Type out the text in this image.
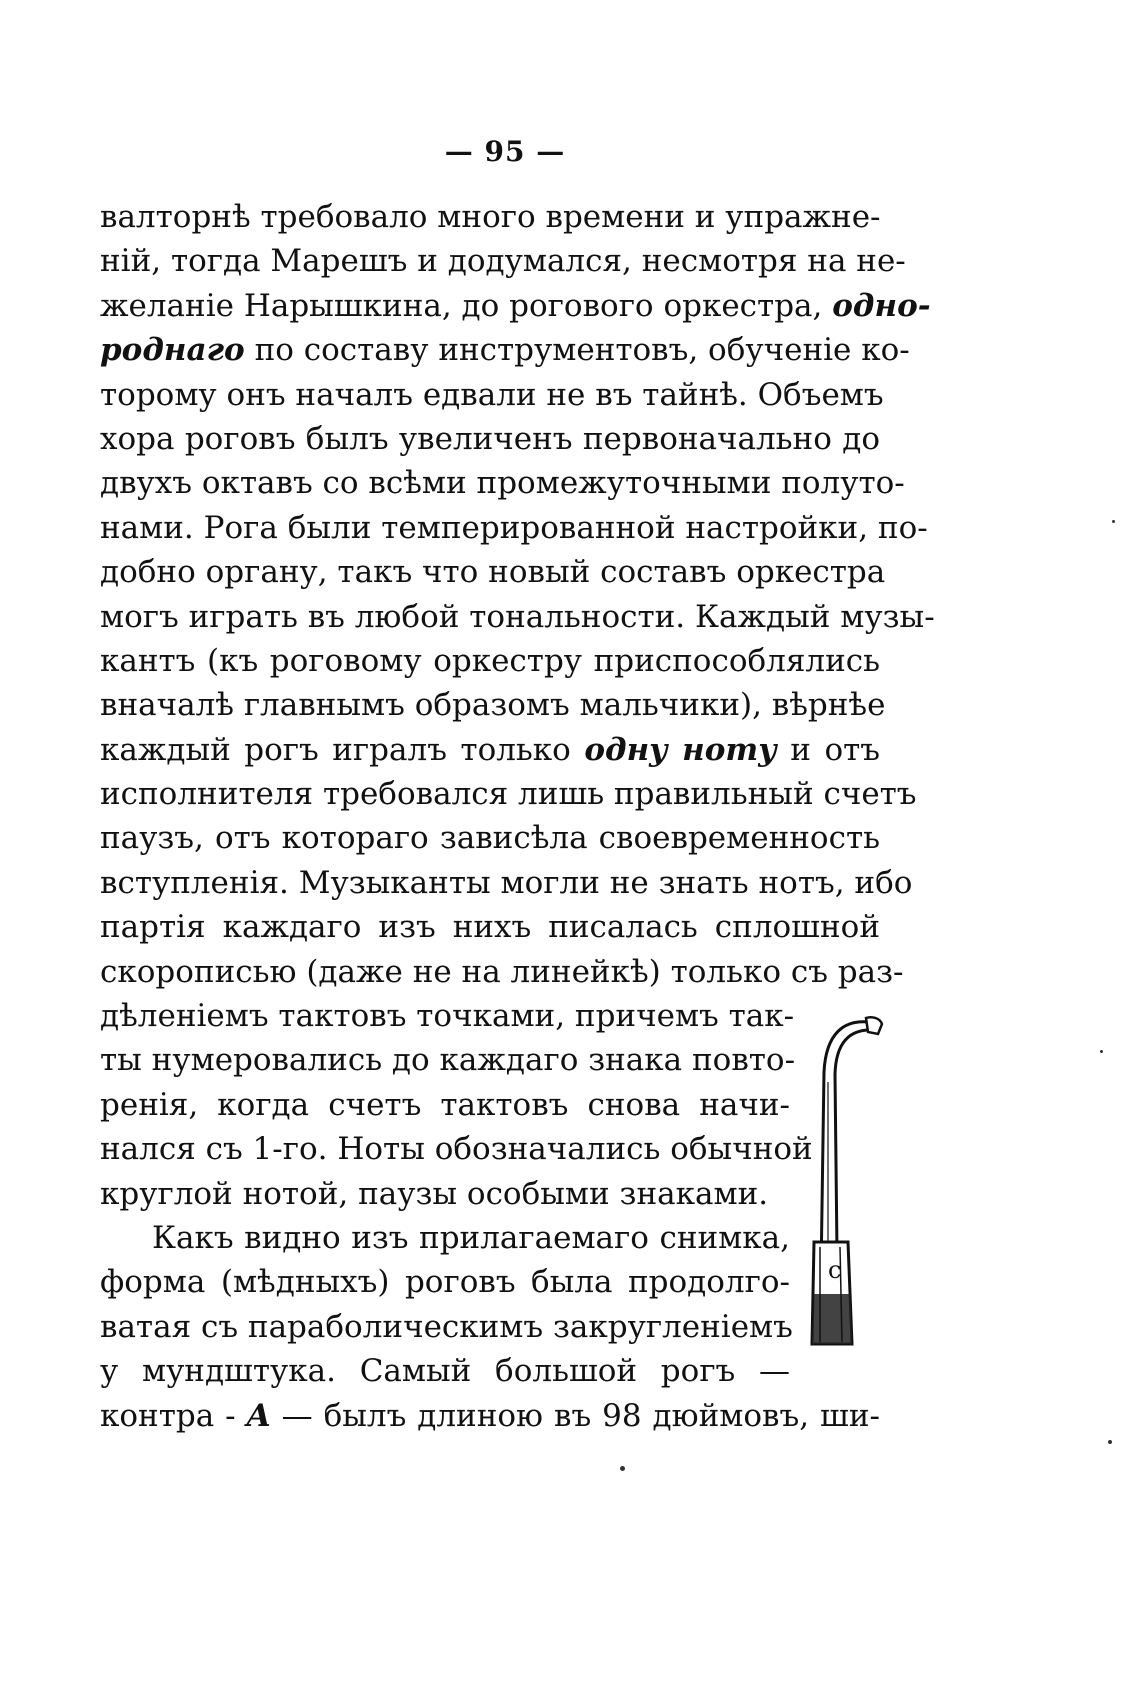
— 95 —
валторнѣ требовало много времени и упражне-
ній, тогда Марешъ и додумался, несмотря на не-
желаніе Нарышкина, до рогового оркестра, одно-
роднаго по составу инструментовъ, обученіе ко-
торому онъ началъ едвали не въ тайнѣ. Объемъ
хора роговъ былъ увеличенъ первоначально до
двухъ октавъ со всѣми промежуточными полуто-
нами. Рога были темперированной настройки, по-
добно органу, такъ что новый составъ оркестра
могъ играть въ любой тональности. Каждый музы-
кантъ (къ роговому оркестру приспособлялись
вначалѣ главнымъ образомъ мальчики), вѣрнѣе
каждый рогъ игралъ только одну ноту и отъ
исполнителя требовался лишь правильный счетъ
паузъ, отъ котораго зависѣла своевременность
вступленія. Музыканты могли не знать нотъ, ибо
партія каждаго изъ нихъ писалась сплошной
скорописью (даже не на линейкѣ) только съ раз-
дѣленіемъ тактовъ точками, причемъ так-
ты нумеровались до каждаго знака повто-
ренія, когда счетъ тактовъ снова начи-
нался съ 1-го. Ноты обозначались обычной
круглой нотой, паузы особыми знаками.
Какъ видно изъ прилагаемаго снимка,
форма (мѣдныхъ) роговъ была продолго-
ватая съ параболическимъ закругленіемъ
у мундштука. Самый большой рогъ —
контра - A — былъ длиною въ 98 дюймовъ, ши-
c
